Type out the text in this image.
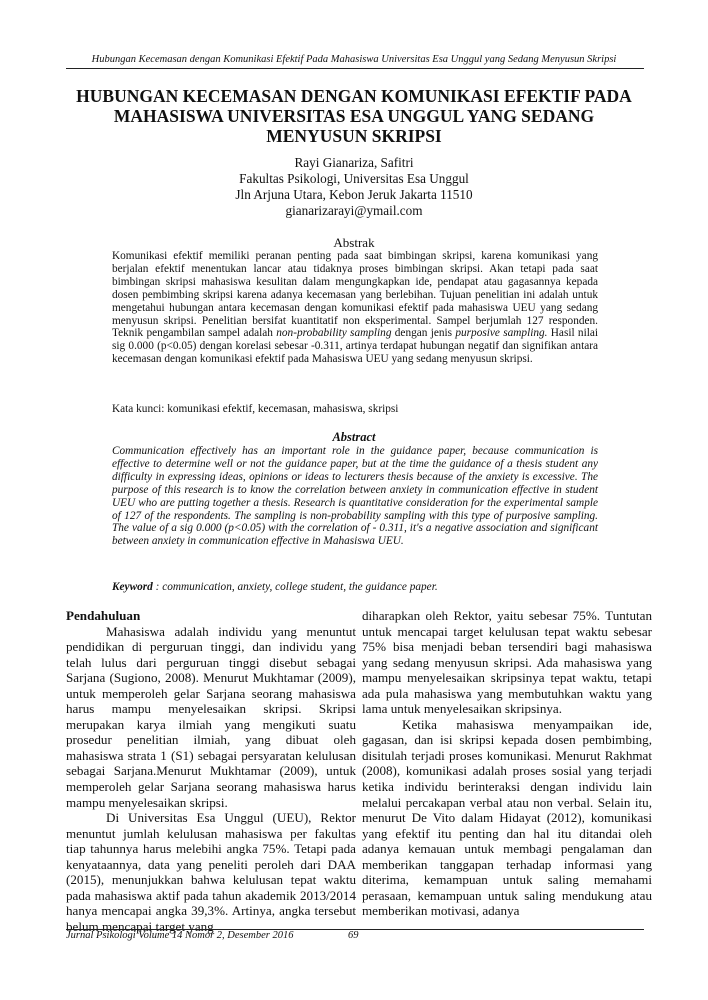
Hubungan Kecemasan dengan Komunikasi Efektif Pada Mahasiswa Universitas Esa Unggul yang Sedang Menyusun Skripsi
HUBUNGAN KECEMASAN DENGAN KOMUNIKASI EFEKTIF PADA MAHASISWA UNIVERSITAS ESA UNGGUL YANG SEDANG MENYUSUN SKRIPSI
Rayi Gianariza, Safitri
Fakultas Psikologi, Universitas Esa Unggul
Jln Arjuna Utara, Kebon Jeruk Jakarta 11510
gianarizarayi@ymail.com
Abstrak
Komunikasi efektif memiliki peranan penting pada saat bimbingan skripsi, karena komunikasi yang berjalan efektif menentukan lancar atau tidaknya proses bimbingan skripsi. Akan tetapi pada saat bimbingan skripsi mahasiswa kesulitan dalam mengungkapkan ide, pendapat atau gagasannya kepada dosen pembimbing skripsi karena adanya kecemasan yang berlebihan. Tujuan penelitian ini adalah untuk mengetahui hubungan antara kecemasan dengan komunikasi efektif pada mahasiswa UEU yang sedang menyusun skripsi. Penelitian bersifat kuantitatif non eksperimental. Sampel berjumlah 127 responden. Teknik pengambilan sampel adalah non-probability sampling dengan jenis purposive sampling. Hasil nilai sig 0.000 (p<0.05) dengan korelasi sebesar -0.311, artinya terdapat hubungan negatif dan signifikan antara kecemasan dengan komunikasi efektif pada Mahasiswa UEU yang sedang menyusun skripsi.
Kata kunci: komunikasi efektif, kecemasan, mahasiswa, skripsi
Abstract
Communication effectively has an important role in the guidance paper, because communication is effective to determine well or not the guidance paper, but at the time the guidance of a thesis student any difficulty in expressing ideas, opinions or ideas to lecturers thesis because of the anxiety is excessive. The purpose of this research is to know the correlation between anxiety in communication effective in student UEU who are putting together a thesis. Research is quantitative consideration for the experimental sample of 127 of the respondents. The sampling is non-probability sampling with this type of purposive sampling. The value of a sig 0.000 (p<0.05) with the correlation of - 0.311, it's a negative association and significant between anxiety in communication effective in Mahasiswa UEU.
Keyword : communication, anxiety, college student, the guidance paper.

Pendahuluan

Mahasiswa adalah individu yang menuntut pendidikan di perguruan tinggi, dan individu yang telah lulus dari perguruan tinggi disebut sebagai Sarjana (Sugiono, 2008). Menurut Mukhtamar (2009), untuk memperoleh gelar Sarjana seorang mahasiswa harus mampu menyelesaikan skripsi. Skripsi merupakan karya ilmiah yang mengikuti suatu prosedur penelitian ilmiah, yang dibuat oleh mahasiswa strata 1 (S1) sebagai persyaratan kelulusan sebagai Sarjana.Menurut Mukhtamar (2009), untuk memperoleh gelar Sarjana seorang mahasiswa harus mampu menyelesaikan skripsi.

Di Universitas Esa Unggul (UEU), Rektor menuntut jumlah kelulusan mahasiswa per fakultas tiap tahunnya harus melebihi angka 75%. Tetapi pada kenyataannya, data yang peneliti peroleh dari DAA (2015), menunjukkan bahwa kelulusan tepat waktu pada mahasiswa aktif pada tahun akademik 2013/2014 hanya mencapai angka 39,3%. Artinya, angka tersebut belum mencapai target yang

diharapkan oleh Rektor, yaitu sebesar 75%. Tuntutan untuk mencapai target kelulusan tepat waktu sebesar 75% bisa menjadi beban tersendiri bagi mahasiswa yang sedang menyusun skripsi. Ada mahasiswa yang mampu menyelesaikan skripsinya tepat waktu, tetapi ada pula mahasiswa yang membutuhkan waktu yang lama untuk menyelesaikan skripsinya.

Ketika mahasiswa menyampaikan ide, gagasan, dan isi skripsi kepada dosen pembimbing, disitulah terjadi proses komunikasi. Menurut Rakhmat (2008), komunikasi adalah proses sosial yang terjadi ketika individu berinteraksi dengan individu lain melalui percakapan verbal atau non verbal. Selain itu, menurut De Vito dalam Hidayat (2012), komunikasi yang efektif itu penting dan hal itu ditandai oleh adanya kemauan untuk membagi pengalaman dan memberikan tanggapan terhadap informasi yang diterima, kemampuan untuk saling memahami perasaan, kemampuan untuk saling mendukung atau memberikan motivasi, adanya

Jurnal Psikologi Volume 14 Nomor 2, Desember 2016	69
